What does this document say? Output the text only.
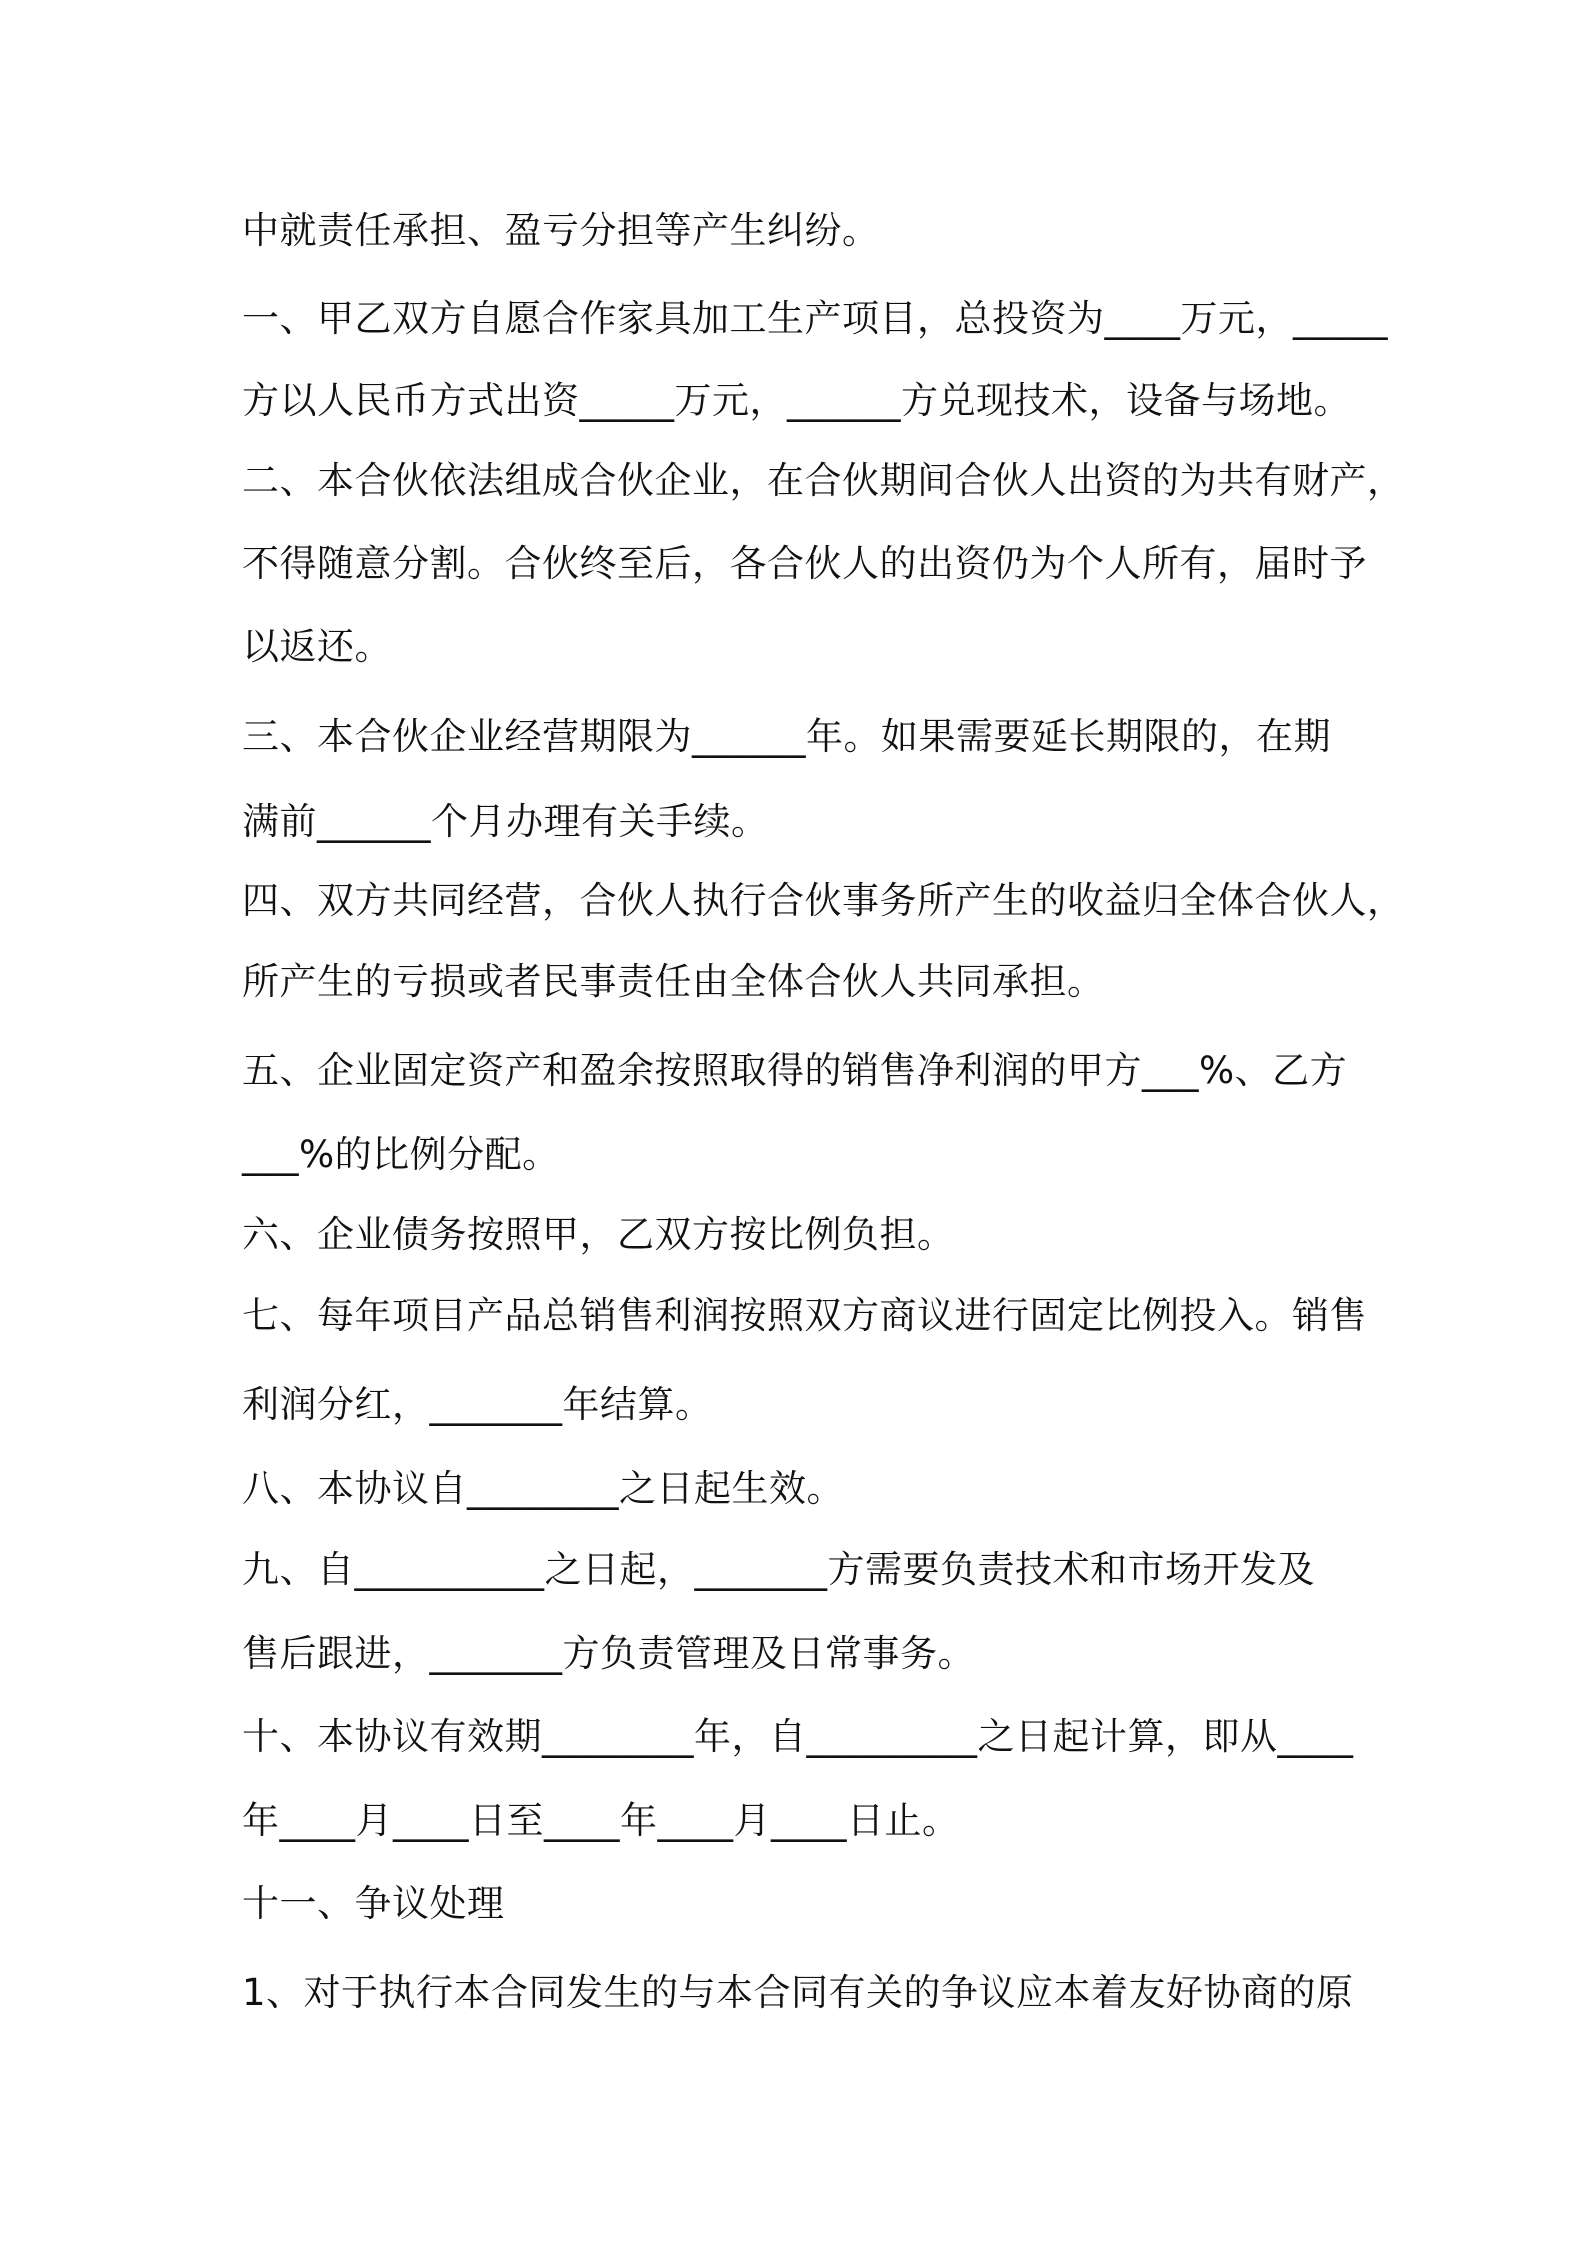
中就责任承担、盈亏分担等产生纠纷。
一、甲乙双方自愿合作家具加工生产项目，总投资为____万元，_____
方以人民币方式出资_____万元，______方兑现技术，设备与场地。
二、本合伙依法组成合伙企业，在合伙期间合伙人出资的为共有财产，
不得随意分割。合伙终至后，各合伙人的出资仍为个人所有，届时予
以返还。
三、本合伙企业经营期限为______年。如果需要延长期限的，在期
满前______个月办理有关手续。
四、双方共同经营，合伙人执行合伙事务所产生的收益归全体合伙人，
所产生的亏损或者民事责任由全体合伙人共同承担。
五、企业固定资产和盈余按照取得的销售净利润的甲方___%、乙方
___%的比例分配。
六、企业债务按照甲，乙双方按比例负担。
七、每年项目产品总销售利润按照双方商议进行固定比例投入。销售
利润分红，_______年结算。
八、本协议自________之日起生效。
九、自__________之日起，_______方需要负责技术和市场开发及
售后跟进，_______方负责管理及日常事务。
十、本协议有效期________年，自_________之日起计算，即从____
年____月____日至____年____月____日止。
十一、争议处理
1、对于执行本合同发生的与本合同有关的争议应本着友好协商的原
